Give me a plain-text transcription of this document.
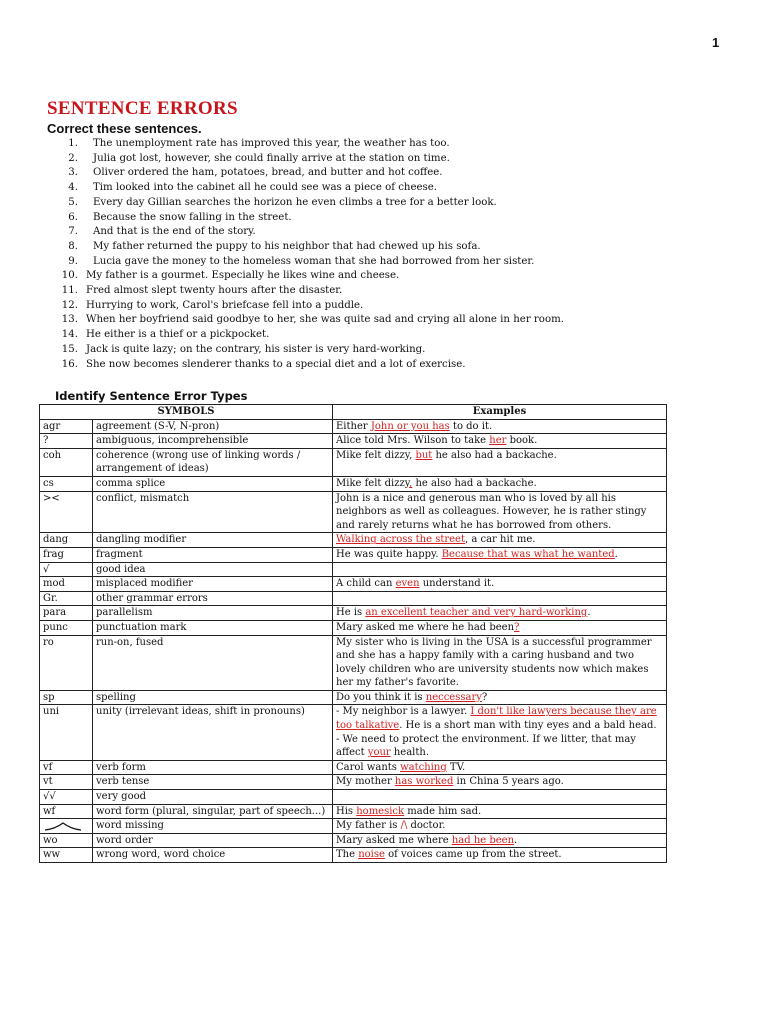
1
SENTENCE ERRORS
Correct these sentences.
1. The unemployment rate has improved this year, the weather has too.
2. Julia got lost, however, she could finally arrive at the station on time.
3. Oliver ordered the ham, potatoes, bread, and butter and hot coffee.
4. Tim looked into the cabinet all he could see was a piece of cheese.
5. Every day Gillian searches the horizon he even climbs a tree for a better look.
6. Because the snow falling in the street.
7. And that is the end of the story.
8. My father returned the puppy to his neighbor that had chewed up his sofa.
9. Lucia gave the money to the homeless woman that she had borrowed from her sister.
10. My father is a gourmet. Especially he likes wine and cheese.
11. Fred almost slept twenty hours after the disaster.
12. Hurrying to work, Carol's briefcase fell into a puddle.
13. When her boyfriend said goodbye to her, she was quite sad and crying all alone in her room.
14. He either is a thief or a pickpocket.
15. Jack is quite lazy; on the contrary, his sister is very hard-working.
16. She now becomes slenderer thanks to a special diet and a lot of exercise.
Identify Sentence Error Types
SYMBOLS		Examples
agr	agreement (S-V, N-pron)	Either John or you has to do it.
?	ambiguous, incomprehensible	Alice told Mrs. Wilson to take her book.
coh	coherence (wrong use of linking words / arrangement of ideas)	Mike felt dizzy, but he also had a backache.
cs	comma splice	Mike felt dizzy, he also had a backache.
><	conflict, mismatch	John is a nice and generous man who is loved by all his neighbors as well as colleagues. However, he is rather stingy and rarely returns what he has borrowed from others.
dang	dangling modifier	Walking across the street, a car hit me.
frag	fragment	He was quite happy. Because that was what he wanted.
√	good idea	
mod	misplaced modifier	A child can even understand it.
Gr.	other grammar errors	
para	parallelism	He is an excellent teacher and very hard-working.
punc	punctuation mark	Mary asked me where he had been?
ro	run-on, fused	My sister who is living in the USA is a successful programmer and she has a happy family with a caring husband and two lovely children who are university students now which makes her my father's favorite.
sp	spelling	Do you think it is neccessary?
uni	unity (irrelevant ideas, shift in pronouns)	- My neighbor is a lawyer. I don't like lawyers because they are too talkative. He is a short man with tiny eyes and a bald head.
- We need to protect the environment. If we litter, that may affect your health.
vf	verb form	Carol wants watching TV.
vt	verb tense	My mother has worked in China 5 years ago.
√√	very good	
wf	word form (plural, singular, part of speech...)	His homesick made him sad.
	word missing	My father is /\ doctor.
wo	word order	Mary asked me where had he been.
ww	wrong word, word choice	The noise of voices came up from the street.
